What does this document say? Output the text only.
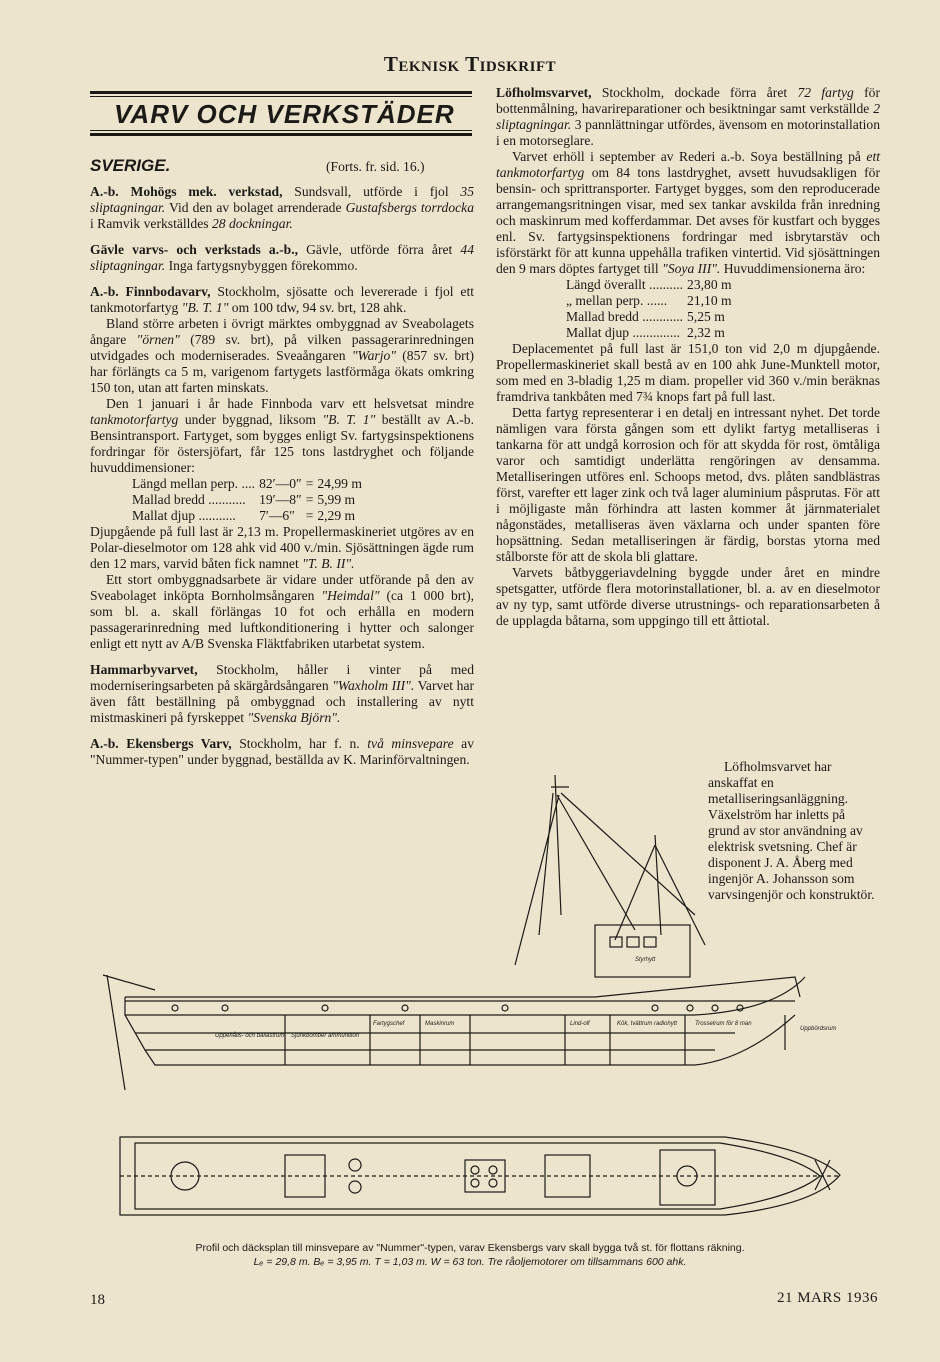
Teknisk Tidskrift
VARV OCH VERKSTÄDER
SVERIGE.	(Forts. fr. sid. 16.)

A.-b. Mohögs mek. verkstad, Sundsvall, utförde i fjol 35 sliptagningar. Vid den av bolaget arrenderade Gustafsbergs torrdocka i Ramvik verkställdes 28 dockningar.

Gävle varvs- och verkstads a.-b., Gävle, utförde förra året 44 sliptagningar. Inga fartygsnybyggen förekommo.

A.-b. Finnbodavarv, Stockholm, sjösatte och levererade i fjol ett tankmotorfartyg "B. T. 1" om 100 tdw, 94 sv. brt, 128 ahk.

Bland större arbeten i övrigt märktes ombyggnad av Sveabolagets ångare "örnen" (789 sv. brt), på vilken passagerarinredningen utvidgades och moderniserades. Sveaångaren "Warjo" (857 sv. brt) har förlängts ca 5 m, varigenom fartygets lastförmåga ökats omkring 150 ton, utan att farten minskats.

Den 1 januari i år hade Finnboda varv ett helsvetsat mindre tankmotorfartyg under byggnad, liksom "B. T. 1" beställt av A.-b. Bensintransport. Fartyget, som bygges enligt Sv. fartygsinspektionens fordringar för östersjöfart, får 125 tons lastdryghet och följande huvuddimensioner:

Längd mellan perp. ....	82′—0″	=	24,99 m
Mallad bredd ...........	19′—8″	=	5,99 m
Mallat djup ...........	7′—6″	=	2,29 m

Djupgående på full last är 2,13 m. Propellermaskineriet utgöres av en Polar-dieselmotor om 128 ahk vid 400 v./min. Sjösättningen ägde rum den 12 mars, varvid båten fick namnet "T. B. II".

Ett stort ombyggnadsarbete är vidare under utförande på den av Sveabolaget inköpta Bornholmsångaren "Heimdal" (ca 1 000 brt), som bl. a. skall förlängas 10 fot och erhålla en modern passagerarinredning med luftkonditionering i hytter och salonger enligt ett nytt av A/B Svenska Fläktfabriken utarbetat system.

Hammarbyvarvet, Stockholm, håller i vinter på med moderniseringsarbeten på skärgårdsångaren "Waxholm III". Varvet har även fått beställning på ombyggnad och installering av nytt mistmaskineri på fyrskeppet "Svenska Björn".

A.-b. Ekensbergs Varv, Stockholm, har f. n. två minsvepare av "Nummer-typen" under byggnad, beställda av K. Marinförvaltningen.

Löfholmsvarvet, Stockholm, dockade förra året 72 fartyg för bottenmålning, havarireparationer och besiktningar samt verkställde 2 sliptagningar. 3 pannlättningar utfördes, ävensom en motorinstallation i en motorseglare.

Varvet erhöll i september av Rederi a.-b. Soya beställning på ett tankmotorfartyg om 84 tons lastdryghet, avsett huvudsakligen för bensin- och sprittransporter. Fartyget bygges, som den reproducerade arrangemangsritningen visar, med sex tankar avskilda från inredning och maskinrum med kofferdammar. Det avses för kustfart och bygges enl. Sv. fartygsinspektionens fordringar med isbrytarstäv och isförstärkt för att kunna uppehålla trafiken vintertid. Vid sjösättningen den 9 mars döptes fartyget till "Soya III". Huvuddimensionerna äro:

Längd överallt ..........	23,80 m
„ mellan perp. ......	21,10 m
Mallad bredd ............	5,25 m
Mallat djup ..............	2,32 m

Deplacementet på full last är 151,0 ton vid 2,0 m djupgående. Propellermaskineriet skall bestå av en 100 ahk June-Munktell motor, som med en 3-bladig 1,25 m diam. propeller vid 360 v./min beräknas framdriva tankbåten med 7¾ knops fart på full last.

Detta fartyg representerar i en detalj en intressant nyhet. Det torde nämligen vara första gången som ett dylikt fartyg metalliseras i tankarna för att undgå korrosion och för att skydda för rost, ömtåliga varor och samtidigt underlätta rengöringen av densamma. Metalliseringen utföres enl. Schoops metod, dvs. plåten sandblästras först, varefter ett lager zink och två lager aluminium påsprutas. För att i möjligaste mån förhindra att lasten kommer åt järnmaterialet någonstädes, metalliseras även växlarna och under spanten före hopsättning. Sedan metalliseringen är färdig, borstas ytorna med stålborste för att de skola bli glattare.

Varvets båtbyggeriavdelning byggde under året en mindre spetsgatter, utförde flera motorinstallationer, bl. a. av en dieselmotor av ny typ, samt utförde diverse utrustnings- och reparationsarbeten å de upplagda båtarna, som uppgingo till ett åttiotal.

Löfholmsvarvet har anskaffat en metalliseringsanläggning. Växelström har inletts på grund av stor användning av elektrisk svetsning. Chef är disponent J. A. Åberg med ingenjör A. Johansson som varvsingenjör och konstruktör.

Uppehålls- och ballastrum Sjunkbomber ammunition
Fartygschef	Maskinrum	Lind-olf	Kök, tvättrum radiohytt	Trosselrum för 8 man
Uppbördsrum
Styrhytt
Profil och däcksplan till minsvepare av "Nummer"-typen, varav Ekensbergs varv skall bygga två st. för flottans räkning.
Lₑ = 29,8 m. Bₑ = 3,95 m. T = 1,03 m. W = 63 ton. Tre råoljemotorer om tillsammans 600 ahk.
18	21 MARS 1936
